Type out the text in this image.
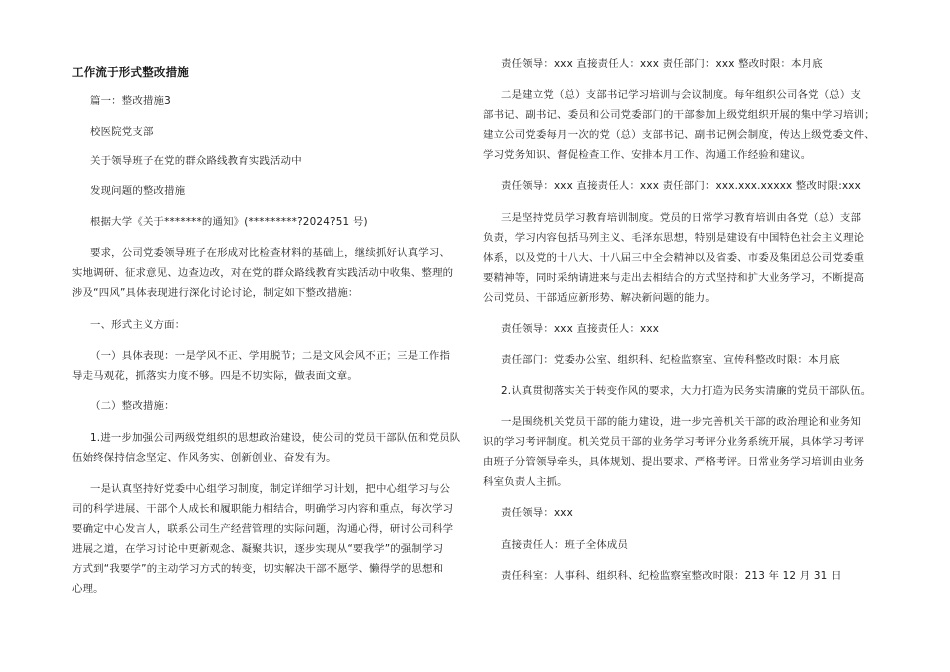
工作流于形式整改措施
篇一：整改措施3
校医院党支部
关于领导班子在党的群众路线教育实践活动中
发现问题的整改措施
根据大学《关于*******的通知》(*********?2024?51 号)
要求，公司党委领导班子在形成对比检查材料的基础上，继续抓好认真学习、
实地调研、征求意见、边查边改，对在党的群众路线教育实践活动中收集、整理的
涉及“四风”具体表现进行深化讨论讨论，制定如下整改措施：
一、形式主义方面：
（一）具体表现：一是学风不正、学用脱节；二是文风会风不正；三是工作指
导走马观花，抓落实力度不够。四是不切实际，做表面文章。
（二）整改措施：
1.进一步加强公司两级党组织的思想政治建设，使公司的党员干部队伍和党员队
伍始终保持信念坚定、作风务实、创新创业、奋发有为。
一是认真坚持好党委中心组学习制度，制定详细学习计划，把中心组学习与公
司的科学进展、干部个人成长和履职能力相结合，明确学习内容和重点，每次学习
要确定中心发言人，联系公司生产经营管理的实际问题，沟通心得，研讨公司科学
进展之道，在学习讨论中更新观念、凝聚共识，逐步实现从“要我学”的强制学习
方式到“我要学”的主动学习方式的转变，切实解决干部不愿学、懒得学的思想和
心理。
责任领导：xxx 直接责任人：xxx 责任部门：xxx 整改时限：本月底
二是建立党（总）支部书记学习培训与会议制度。每年组织公司各党（总）支
部书记、副书记、委员和公司党委部门的干部参加上级党组织开展的集中学习培训；
建立公司党委每月一次的党（总）支部书记、副书记例会制度，传达上级党委文件、
学习党务知识、督促检查工作、安排本月工作、沟通工作经验和建议。
责任领导：xxx 直接责任人：xxx 责任部门：xxx.xxx.xxxxx 整改时限:xxx
三是坚持党员学习教育培训制度。党员的日常学习教育培训由各党（总）支部
负责，学习内容包括马列主义、毛泽东思想，特别是建设有中国特色社会主义理论
体系，以及党的十八大、十八届三中全会精神以及省委、市委及集团总公司党委重
要精神等，同时采纳请进来与走出去相结合的方式坚持和扩大业务学习，不断提高
公司党员、干部适应新形势、解决新问题的能力。
责任领导：xxx 直接责任人：xxx
责任部门：党委办公室、组织科、纪检监察室、宣传科整改时限：本月底
2.认真贯彻落实关于转变作风的要求，大力打造为民务实清廉的党员干部队伍。
一是围绕机关党员干部的能力建设，进一步完善机关干部的政治理论和业务知
识的学习考评制度。机关党员干部的业务学习考评分业务系统开展，具体学习考评
由班子分管领导牵头，具体规划、提出要求、严格考评。日常业务学习培训由业务
科室负责人主抓。
责任领导：xxx
直接责任人：班子全体成员
责任科室：人事科、组织科、纪检监察室整改时限：213 年 12 月 31 日
